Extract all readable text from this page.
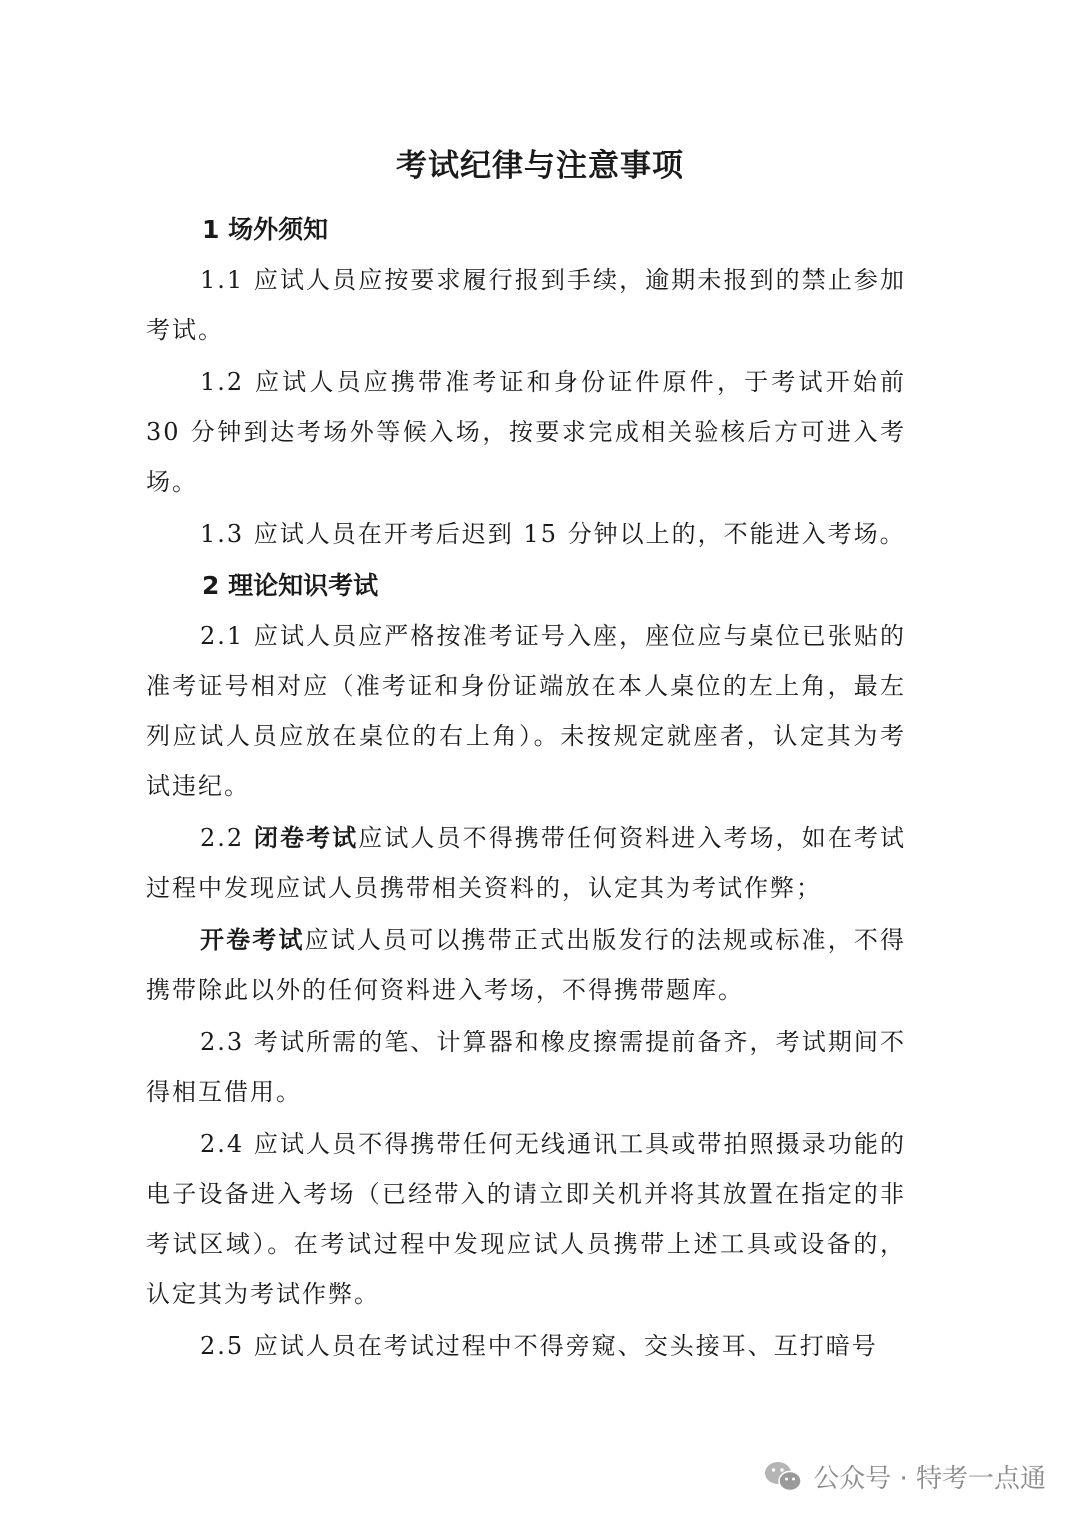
考试纪律与注意事项
1 场外须知

1.1 应试人员应按要求履行报到手续，逾期未报到的禁止参加考试。

1.2 应试人员应携带准考证和身份证件原件，于考试开始前 30 分钟到达考场外等候入场，按要求完成相关验核后方可进入考场。

1.3 应试人员在开考后迟到 15 分钟以上的，不能进入考场。

2 理论知识考试

2.1 应试人员应严格按准考证号入座，座位应与桌位已张贴的准考证号相对应（准考证和身份证端放在本人桌位的左上角，最左列应试人员应放在桌位的右上角）。未按规定就座者，认定其为考试违纪。

2.2 闭卷考试应试人员不得携带任何资料进入考场，如在考试过程中发现应试人员携带相关资料的，认定其为考试作弊；

开卷考试应试人员可以携带正式出版发行的法规或标准，不得携带除此以外的任何资料进入考场，不得携带题库。

2.3 考试所需的笔、计算器和橡皮擦需提前备齐，考试期间不得相互借用。

2.4 应试人员不得携带任何无线通讯工具或带拍照摄录功能的电子设备进入考场（已经带入的请立即关机并将其放置在指定的非考试区域）。在考试过程中发现应试人员携带上述工具或设备的，认定其为考试作弊。

2.5 应试人员在考试过程中不得旁窥、交头接耳、互打暗号

公众号 · 特考一点通
